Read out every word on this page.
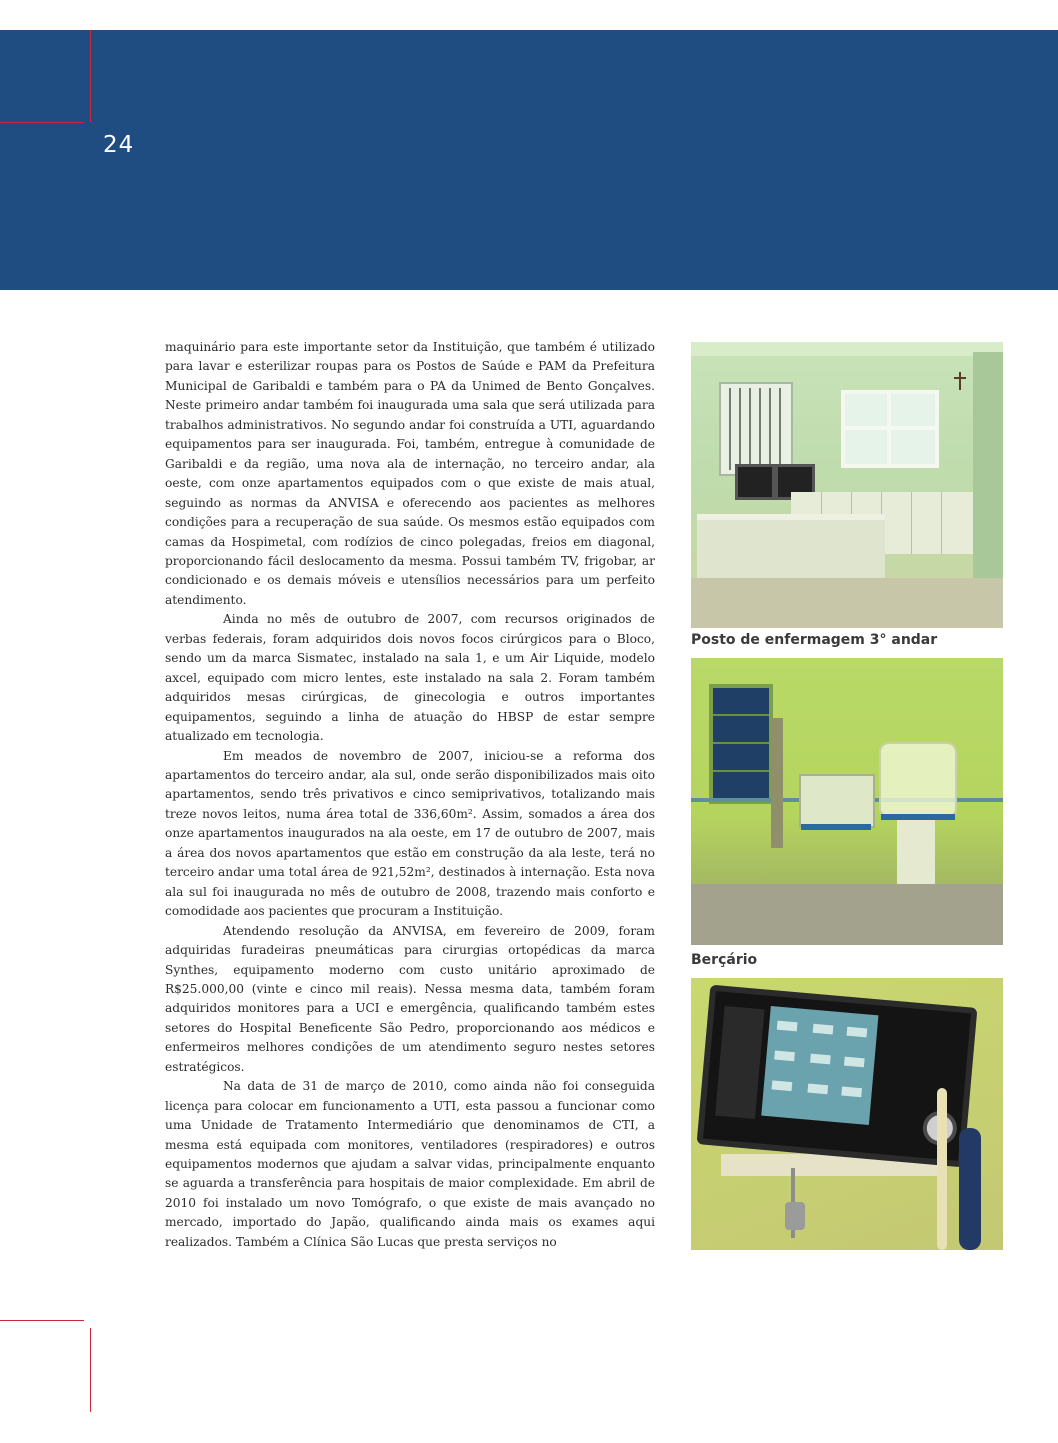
24

maquinário para este importante setor da Instituição, que também é utilizado para lavar e esterilizar roupas para os Postos de Saúde e PAM da Prefeitura Municipal de Garibaldi e também para o PA da Unimed de Bento Gonçalves. Neste primeiro andar também foi inaugurada uma sala que será utilizada para trabalhos administrativos. No segundo andar foi construída a UTI, aguardando equipamentos para ser inaugurada. Foi, também, entregue à comunidade de Garibaldi e da região, uma nova ala de internação, no terceiro andar, ala oeste, com onze apartamentos equipados com o que existe de mais atual, seguindo as normas da ANVISA e oferecendo aos pacientes as melhores condições para a recuperação de sua saúde. Os mesmos estão equipados com camas da Hospimetal, com rodízios de cinco polegadas, freios em diagonal, proporcionando fácil deslocamento da mesma. Possui também TV, frigobar, ar condicionado e os demais móveis e utensílios necessários para um perfeito atendimento.

Ainda no mês de outubro de 2007, com recursos originados de verbas federais, foram adquiridos dois novos focos cirúrgicos para o Bloco, sendo um da marca Sismatec, instalado na sala 1, e um Air Liquide, modelo axcel, equipado com micro lentes, este instalado na sala 2. Foram também adquiridos mesas cirúrgicas, de ginecologia e outros importantes equipamentos, seguindo a linha de atuação do HBSP de estar sempre atualizado em tecnologia.

Em meados de novembro de 2007, iniciou-se a reforma dos apartamentos do terceiro andar, ala sul, onde serão disponibilizados mais oito apartamentos, sendo três privativos e cinco semiprivativos, totalizando mais treze novos leitos, numa área total de 336,60m². Assim, somados a área dos onze apartamentos inaugurados na ala oeste, em 17 de outubro de 2007, mais a área dos novos apartamentos que estão em construção da ala leste, terá no terceiro andar uma total área de 921,52m², destinados à internação. Esta nova ala sul foi inaugurada no mês de outubro de 2008, trazendo mais conforto e comodidade aos pacientes que procuram a Instituição.

Atendendo resolução da ANVISA, em fevereiro de 2009, foram adquiridas furadeiras pneumáticas para cirurgias ortopédicas da marca Synthes, equipamento moderno com custo unitário aproximado de R$25.000,00 (vinte e cinco mil reais). Nessa mesma data, também foram adquiridos monitores para a UCI e emergência, qualificando também estes setores do Hospital Beneficente São Pedro, proporcionando aos médicos e enfermeiros melhores condições de um atendimento seguro nestes setores estratégicos.

Na data de 31 de março de 2010, como ainda não foi conseguida licença para colocar em funcionamento a UTI, esta passou a funcionar como uma Unidade de Tratamento Intermediário que denominamos de CTI, a mesma está equipada com monitores, ventiladores (respiradores) e outros equipamentos modernos que ajudam a salvar vidas, principalmente enquanto se aguarda a transferência para hospitais de maior complexidade. Em abril de 2010 foi instalado um novo Tomógrafo, o que existe de mais avançado no mercado, importado do Japão, qualificando ainda mais os exames aqui realizados. Também a Clínica São Lucas que presta serviços no

Posto de enfermagem 3° andar
Berçário
